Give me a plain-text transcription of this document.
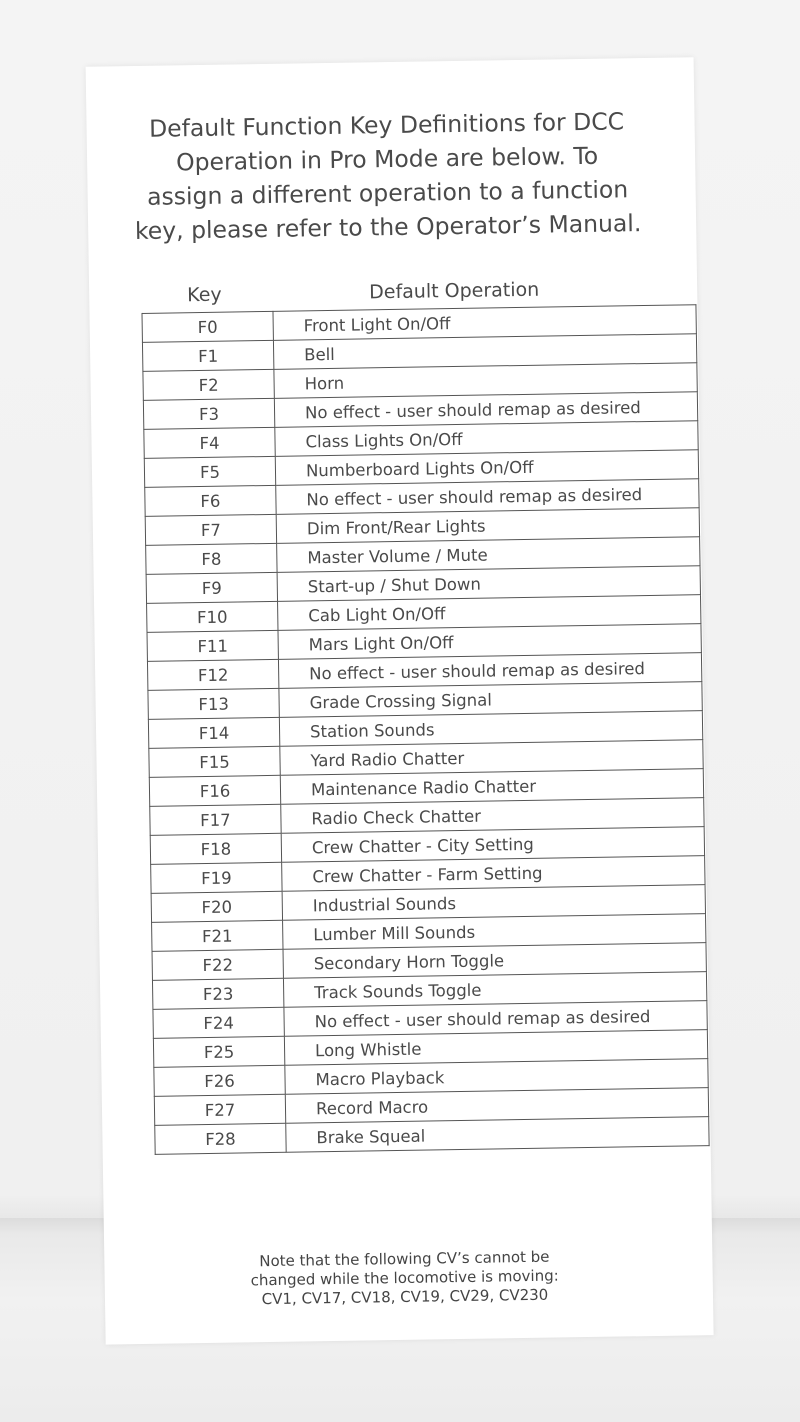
Default Function Key Definitions for DCC
Operation in Pro Mode are below. To
assign a different operation to a function
key, please refer to the Operator’s Manual.

Key	Default Operation
F0	Front Light On/Off
F1	Bell
F2	Horn
F3	No effect - user should remap as desired
F4	Class Lights On/Off
F5	Numberboard Lights On/Off
F6	No effect - user should remap as desired
F7	Dim Front/Rear Lights
F8	Master Volume / Mute
F9	Start-up / Shut Down
F10	Cab Light On/Off
F11	Mars Light On/Off
F12	No effect - user should remap as desired
F13	Grade Crossing Signal
F14	Station Sounds
F15	Yard Radio Chatter
F16	Maintenance Radio Chatter
F17	Radio Check Chatter
F18	Crew Chatter - City Setting
F19	Crew Chatter - Farm Setting
F20	Industrial Sounds
F21	Lumber Mill Sounds
F22	Secondary Horn Toggle
F23	Track Sounds Toggle
F24	No effect - user should remap as desired
F25	Long Whistle
F26	Macro Playback
F27	Record Macro
F28	Brake Squeal

Note that the following CV’s cannot be
changed while the locomotive is moving:
CV1, CV17, CV18, CV19, CV29, CV230
